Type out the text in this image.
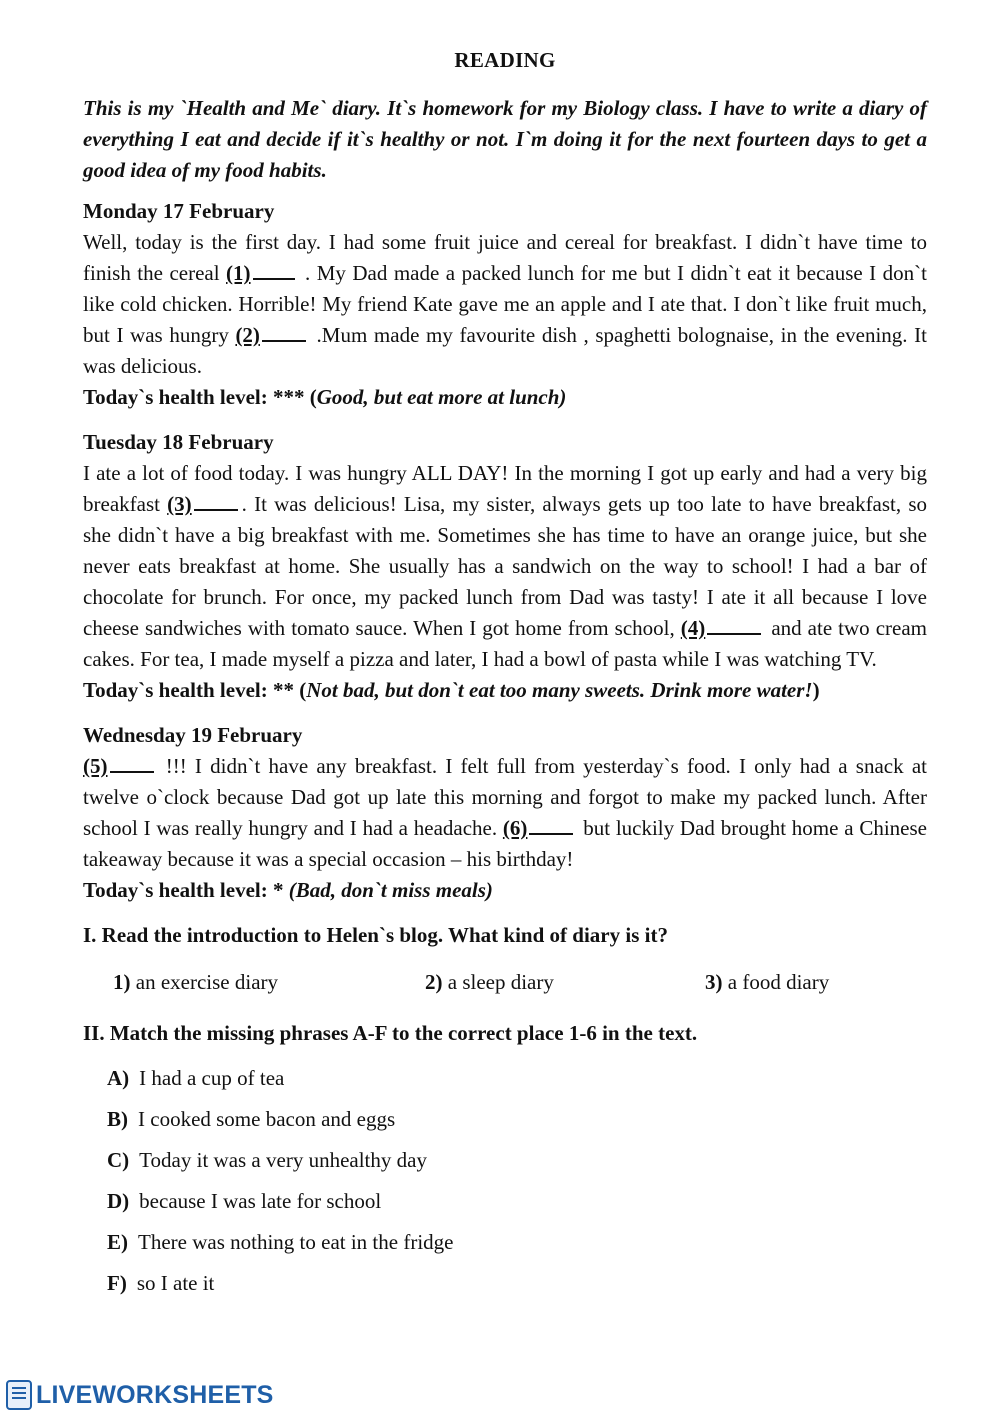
READING

This is my `Health and Me` diary. It`s homework for my Biology class. I have to write a diary of everything I eat and decide if it`s healthy or not. I`m doing it for the next fourteen days to get a good idea of my food habits.

Monday 17 February
Well, today is the first day. I had some fruit juice and cereal for breakfast. I didn`t have time to finish the cereal (1) . My Dad made a packed lunch for me but I didn`t eat it because I don`t like cold chicken. Horrible! My friend Kate gave me an apple and I ate that. I don`t like fruit much, but I was hungry (2) .Mum made my favourite dish , spaghetti bolognaise, in the evening. It was delicious.
Today`s health level: *** (Good, but eat more at lunch)
Tuesday 18 February
I ate a lot of food today. I was hungry ALL DAY! In the morning I got up early and had a very big breakfast (3) . It was delicious! Lisa, my sister, always gets up too late to have breakfast, so she didn`t have a big breakfast with me. Sometimes she has time to have an orange juice, but she never eats breakfast at home. She usually has a sandwich on the way to school! I had a bar of chocolate for brunch. For once, my packed lunch from Dad was tasty! I ate it all because I love cheese sandwiches with tomato sauce. When I got home from school, (4)	and ate two cream cakes. For tea, I made myself a pizza and later, I had a bowl of pasta while I was watching TV.
Today`s health level: ** (Not bad, but don`t eat too many sweets. Drink more water!)
Wednesday 19 February
(5) !!! I didn`t have any breakfast. I felt full from yesterday`s food. I only had a snack at twelve o`clock because Dad got up late this morning and forgot to make my packed lunch. After school I was really hungry and I had a headache. (6) but luckily Dad brought home a Chinese takeaway because it was a special occasion – his birthday!
Today`s health level: * (Bad, don`t miss meals)
I. Read the introduction to Helen`s blog. What kind of diary is it?
1) an exercise diary	2) a sleep diary	3) a food diary
II. Match the missing phrases A-F to the correct place 1-6 in the text.
A) I had a cup of tea
B) I cooked some bacon and eggs
C) Today it was a very unhealthy day
D) because I was late for school
E) There was nothing to eat in the fridge
F) so I ate it
LIVEWORKSHEETS
